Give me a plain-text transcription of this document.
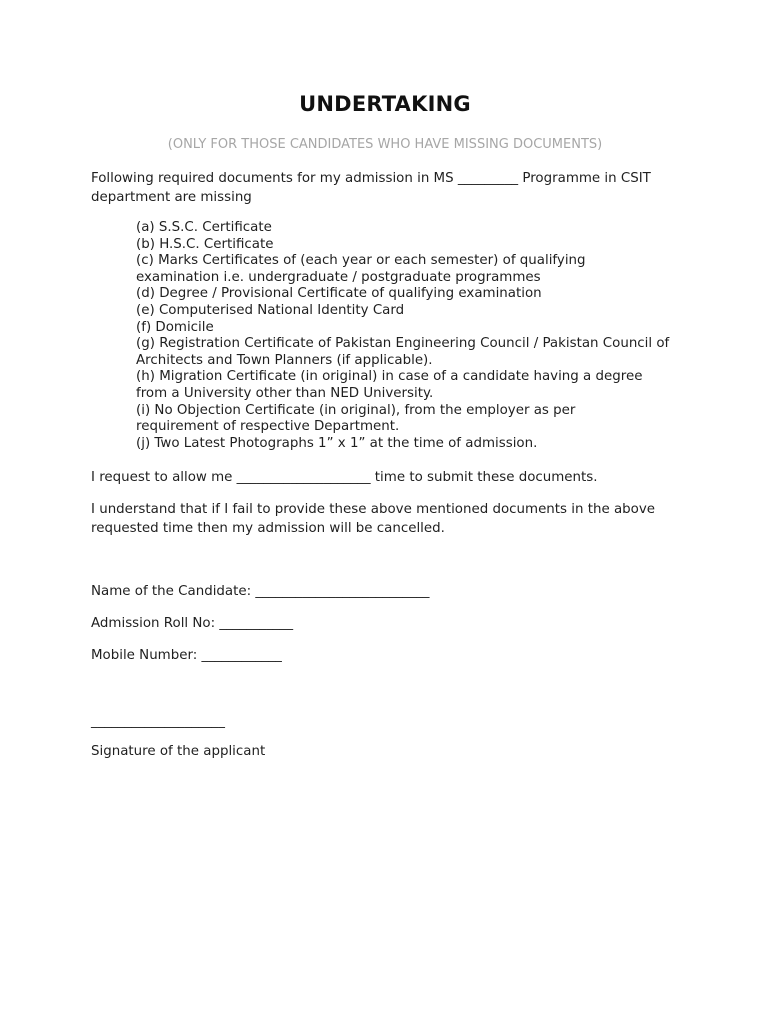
UNDERTAKING
(ONLY FOR THOSE CANDIDATES WHO HAVE MISSING DOCUMENTS)
Following required documents for my admission in MS _________ Programme in CSIT department are missing
(a) S.S.C. Certificate
(b) H.S.C. Certificate
(c) Marks Certificates of (each year or each semester) of qualifying examination i.e. undergraduate / postgraduate programmes
(d) Degree / Provisional Certificate of qualifying examination
(e) Computerised National Identity Card
(f) Domicile
(g) Registration Certificate of Pakistan Engineering Council / Pakistan Council of Architects and Town Planners (if applicable).
(h) Migration Certificate (in original) in case of a candidate having a degree from a University other than NED University.
(i) No Objection Certificate (in original), from the employer as per requirement of respective Department.
(j) Two Latest Photographs 1” x 1” at the time of admission.
I request to allow me ____________________ time to submit these documents.
I understand that if I fail to provide these above mentioned documents in the above requested time then my admission will be cancelled.
Name of the Candidate: __________________________
Admission Roll No: ___________
Mobile Number: ____________
____________________
Signature of the applicant
